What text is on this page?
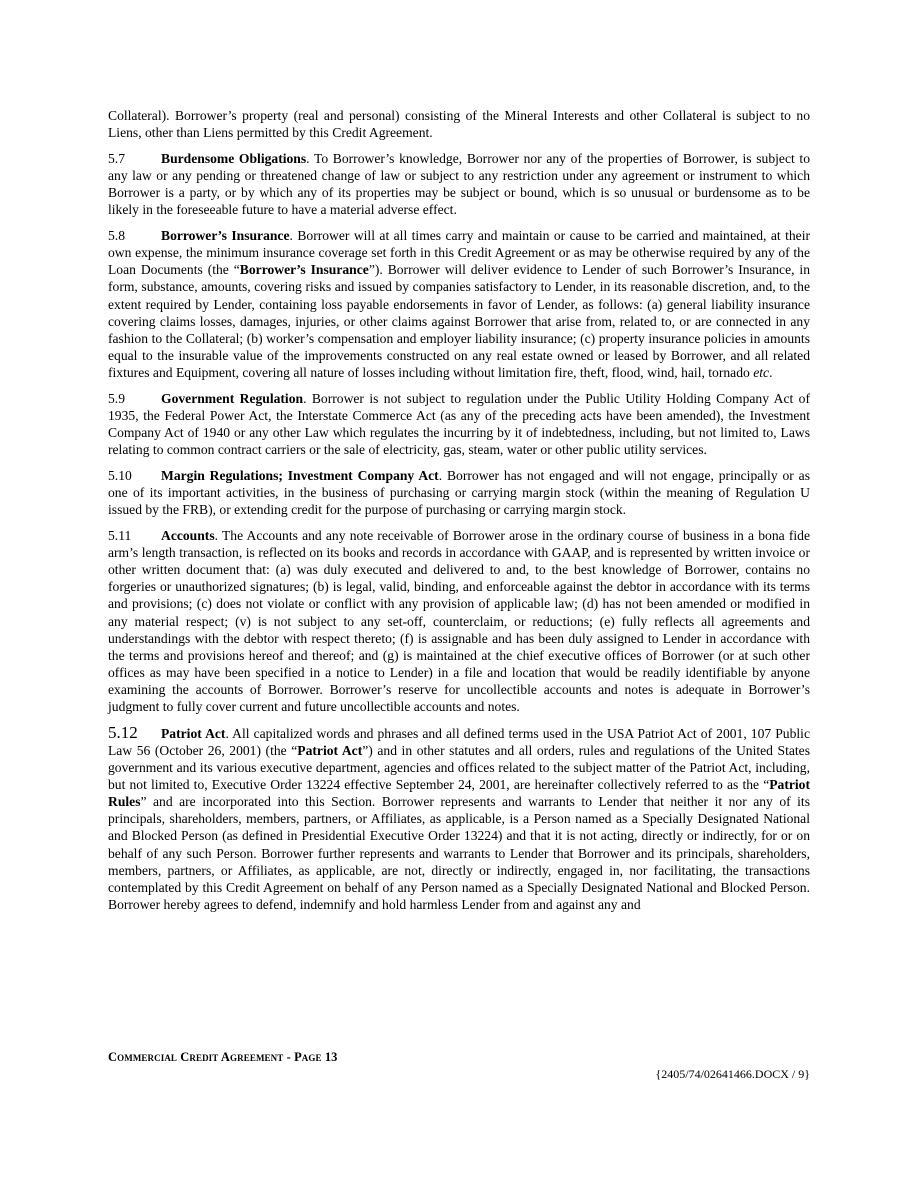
Collateral). Borrower’s property (real and personal) consisting of the Mineral Interests and other Collateral is subject to no Liens, other than Liens permitted by this Credit Agreement.

5.7	Burdensome Obligations. To Borrower’s knowledge, Borrower nor any of the properties of Borrower, is subject to any law or any pending or threatened change of law or subject to any restriction under any agreement or instrument to which Borrower is a party, or by which any of its properties may be subject or bound, which is so unusual or burdensome as to be likely in the foreseeable future to have a material adverse effect.

5.8	Borrower’s Insurance. Borrower will at all times carry and maintain or cause to be carried and maintained, at their own expense, the minimum insurance coverage set forth in this Credit Agreement or as may be otherwise required by any of the Loan Documents (the “Borrower’s Insurance”). Borrower will deliver evidence to Lender of such Borrower’s Insurance, in form, substance, amounts, covering risks and issued by companies satisfactory to Lender, in its reasonable discretion, and, to the extent required by Lender, containing loss payable endorsements in favor of Lender, as follows: (a) general liability insurance covering claims losses, damages, injuries, or other claims against Borrower that arise from, related to, or are connected in any fashion to the Collateral; (b) worker’s compensation and employer liability insurance; (c) property insurance policies in amounts equal to the insurable value of the improvements constructed on any real estate owned or leased by Borrower, and all related fixtures and Equipment, covering all nature of losses including without limitation fire, theft, flood, wind, hail, tornado etc.

5.9	Government Regulation. Borrower is not subject to regulation under the Public Utility Holding Company Act of 1935, the Federal Power Act, the Interstate Commerce Act (as any of the preceding acts have been amended), the Investment Company Act of 1940 or any other Law which regulates the incurring by it of indebtedness, including, but not limited to, Laws relating to common contract carriers or the sale of electricity, gas, steam, water or other public utility services.

5.10 Margin Regulations; Investment Company Act. Borrower has not engaged and will not engage, principally or as one of its important activities, in the business of purchasing or carrying margin stock (within the meaning of Regulation U issued by the FRB), or extending credit for the purpose of purchasing or carrying margin stock.

5.11 Accounts. The Accounts and any note receivable of Borrower arose in the ordinary course of business in a bona fide arm’s length transaction, is reflected on its books and records in accordance with GAAP, and is represented by written invoice or other written document that: (a) was duly executed and delivered to and, to the best knowledge of Borrower, contains no forgeries or unauthorized signatures; (b) is legal, valid, binding, and enforceable against the debtor in accordance with its terms and provisions; (c) does not violate or conflict with any provision of applicable law; (d) has not been amended or modified in any material respect; (v) is not subject to any set-off, counterclaim, or reductions; (e) fully reflects all agreements and understandings with the debtor with respect thereto; (f) is assignable and has been duly assigned to Lender in accordance with the terms and provisions hereof and thereof; and (g) is maintained at the chief executive offices of Borrower (or at such other offices as may have been specified in a notice to Lender) in a file and location that would be readily identifiable by anyone examining the accounts of Borrower. Borrower’s reserve for uncollectible accounts and notes is adequate in Borrower’s judgment to fully cover current and future uncollectible accounts and notes.

5.12 Patriot Act. All capitalized words and phrases and all defined terms used in the USA Patriot Act of 2001, 107 Public Law 56 (October 26, 2001) (the “Patriot Act”) and in other statutes and all orders, rules and regulations of the United States government and its various executive department, agencies and offices related to the subject matter of the Patriot Act, including, but not limited to, Executive Order 13224 effective September 24, 2001, are hereinafter collectively referred to as the “Patriot Rules” and are incorporated into this Section. Borrower represents and warrants to Lender that neither it nor any of its principals, shareholders, members, partners, or Affiliates, as applicable, is a Person named as a Specially Designated National and Blocked Person (as defined in Presidential Executive Order 13224) and that it is not acting, directly or indirectly, for or on behalf of any such Person. Borrower further represents and warrants to Lender that Borrower and its principals, shareholders, members, partners, or Affiliates, as applicable, are not, directly or indirectly, engaged in, nor facilitating, the transactions contemplated by this Credit Agreement on behalf of any Person named as a Specially Designated National and Blocked Person. Borrower hereby agrees to defend, indemnify and hold harmless Lender from and against any and

Commercial Credit Agreement - Page 13
{2405/74/02641466.DOCX / 9}
